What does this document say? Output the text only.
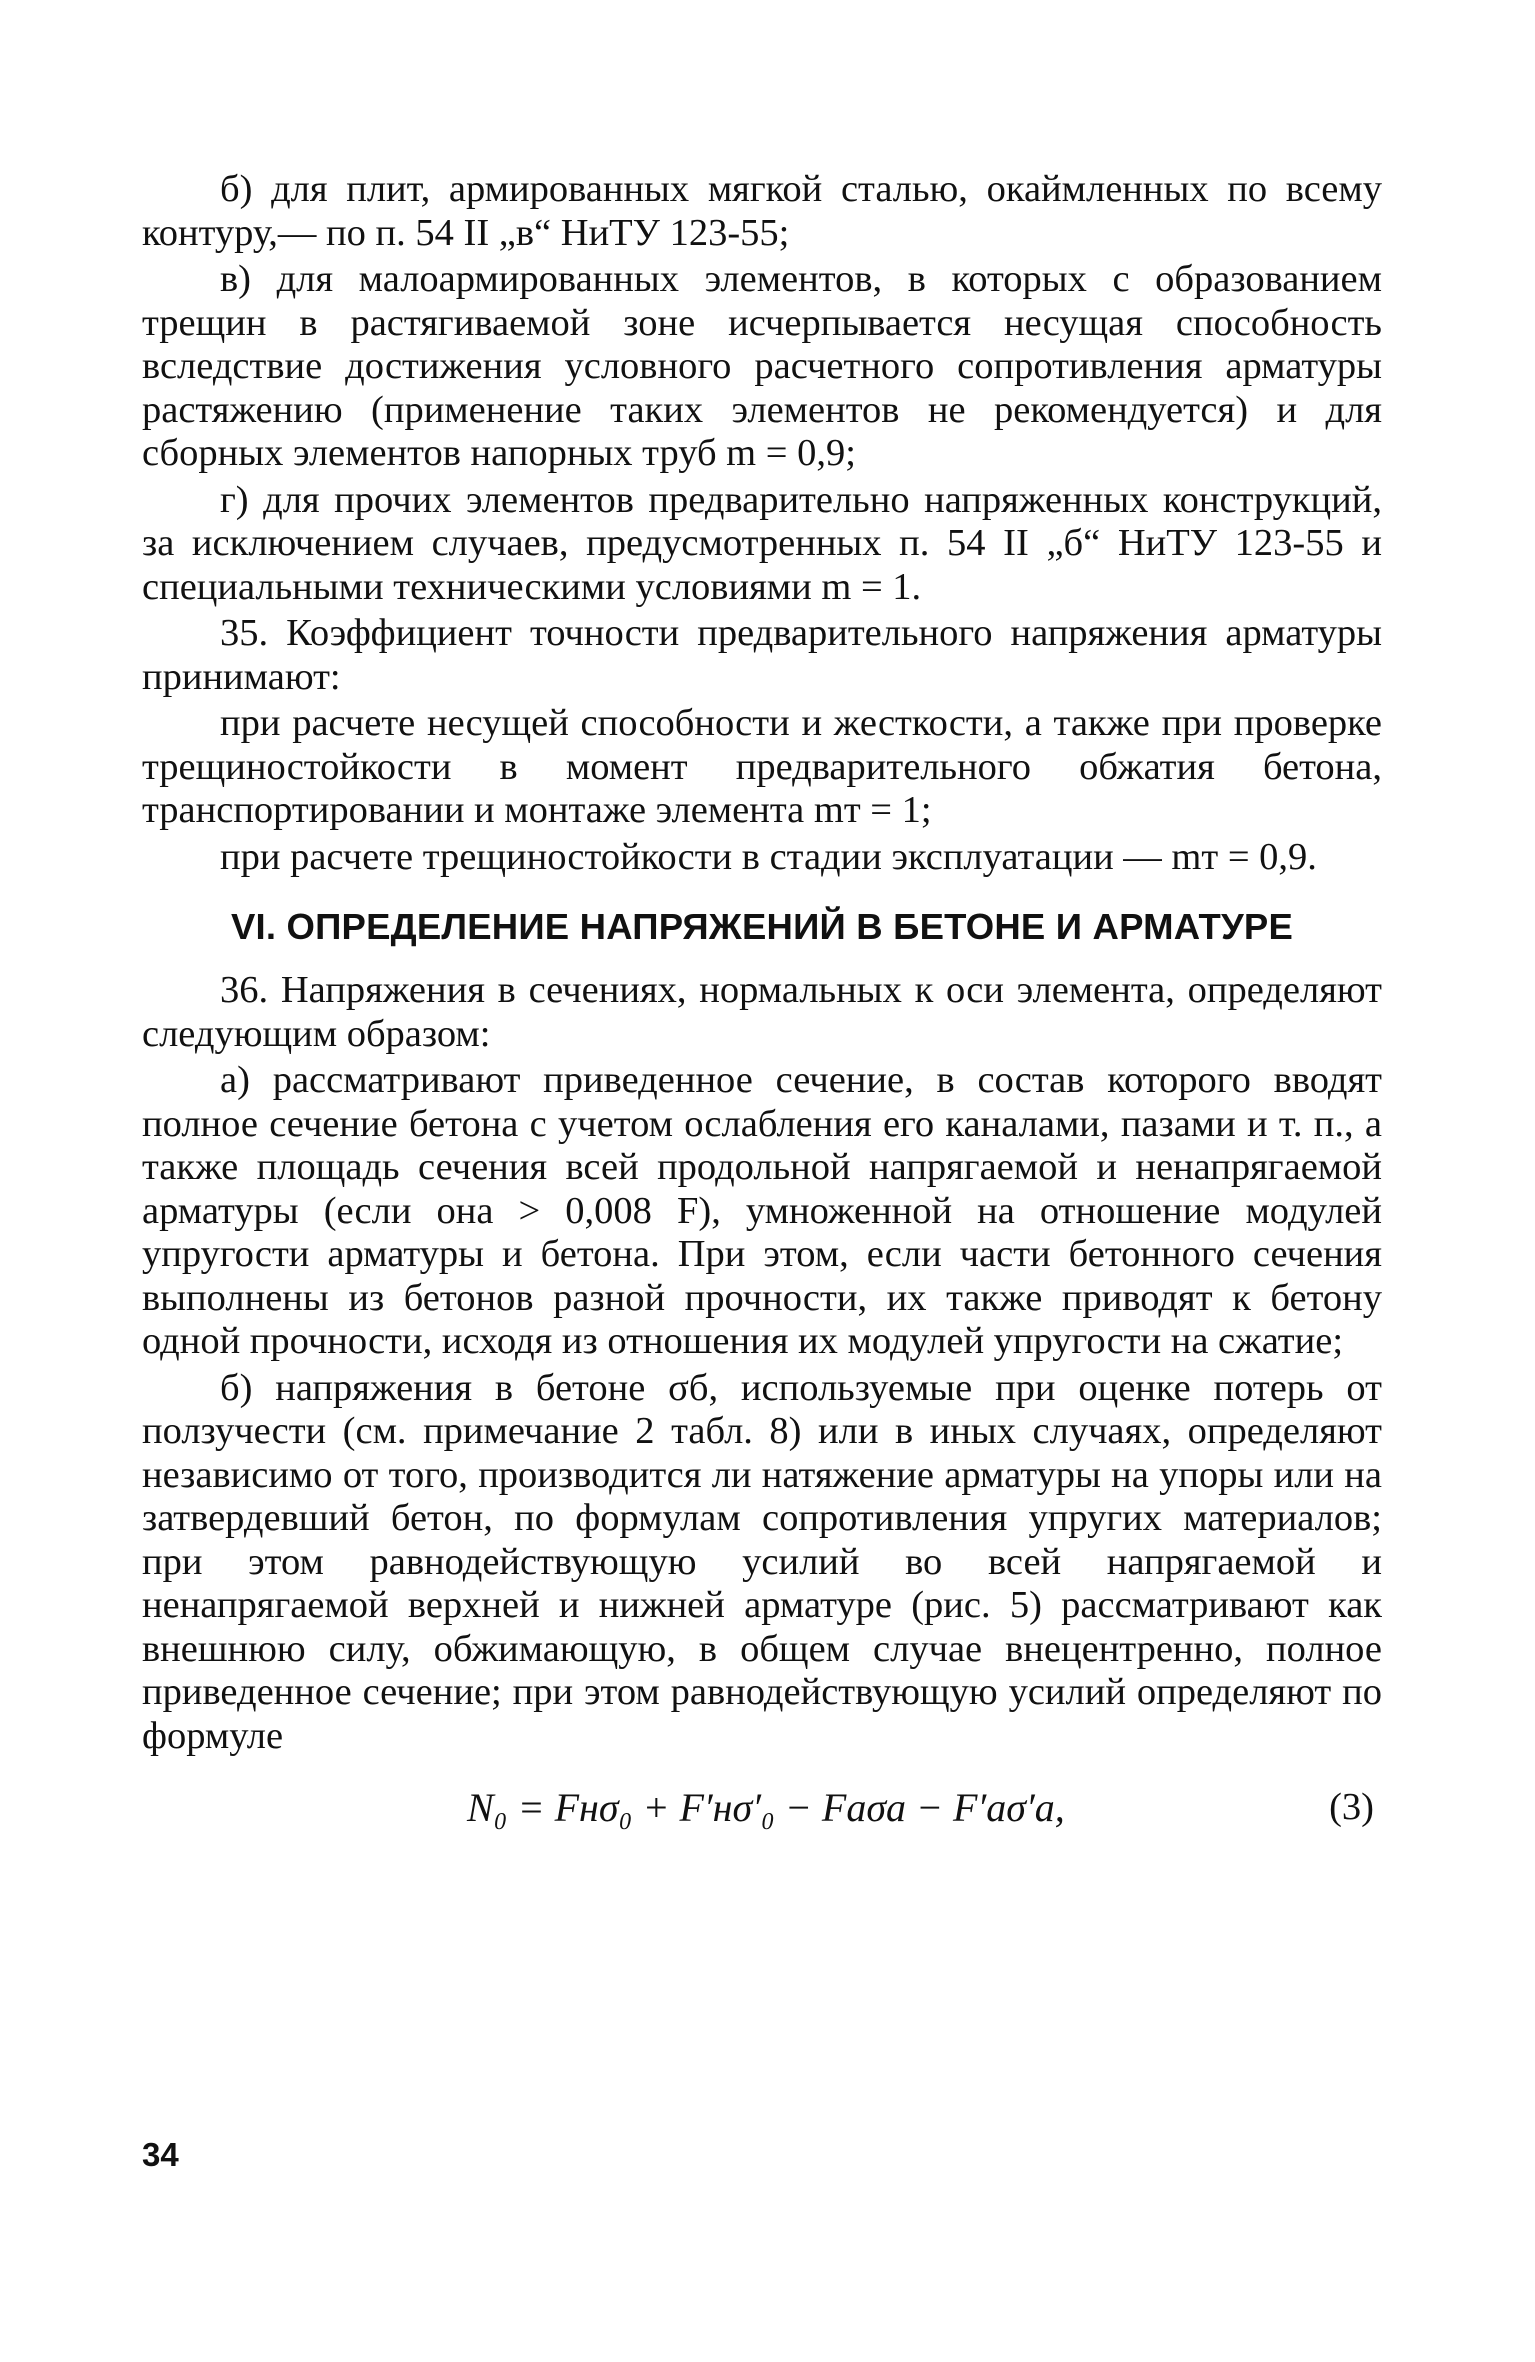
б) для плит, армированных мягкой сталью, окаймленных по всему контуру,— по п. 54 II „в“ НиТУ 123-55;

в) для малоармированных элементов, в которых с образованием трещин в растягиваемой зоне исчерпывается несущая способность вследствие достижения условного расчетного сопротивления арматуры растяжению (применение таких элементов не рекомендуется) и для сборных элементов напорных труб m = 0,9;

г) для прочих элементов предварительно напряженных конструкций, за исключением случаев, предусмотренных п. 54 II „б“ НиТУ 123-55 и специальными техническими условиями m = 1.

35. Коэффициент точности предварительного напряжения арматуры принимают:

при расчете несущей способности и жесткости, а также при проверке трещиностойкости в момент предварительного обжатия бетона, транспортировании и монтаже элемента mт = 1;

при расчете трещиностойкости в стадии эксплуатации — mт = 0,9.

VI. ОПРЕДЕЛЕНИЕ НАПРЯЖЕНИЙ В БЕТОНЕ И АРМАТУРЕ

36. Напряжения в сечениях, нормальных к оси элемента, определяют следующим образом:

а) рассматривают приведенное сечение, в состав которого вводят полное сечение бетона с учетом ослабления его каналами, пазами и т. п., а также площадь сечения всей продольной напрягаемой и ненапрягаемой арматуры (если она > 0,008 F), умноженной на отношение модулей упругости арматуры и бетона. При этом, если части бетонного сечения выполнены из бетонов разной прочности, их также приводят к бетону одной прочности, исходя из отношения их модулей упругости на сжатие;

б) напряжения в бетоне σб, используемые при оценке потерь от ползучести (см. примечание 2 табл. 8) или в иных случаях, определяют независимо от того, производится ли натяжение арматуры на упоры или на затвердевший бетон, по формулам сопротивления упругих материалов; при этом равнодействующую усилий во всей напрягаемой и ненапрягаемой верхней и нижней арматуре (рис. 5) рассматривают как внешнюю силу, обжимающую, в общем случае внецентренно, полное приведенное сечение; при этом равнодействующую усилий определяют по формуле

N₀ = Fнσ₀ + F′нσ′₀ − Fаσа − F′аσ′а,	(3)
34
